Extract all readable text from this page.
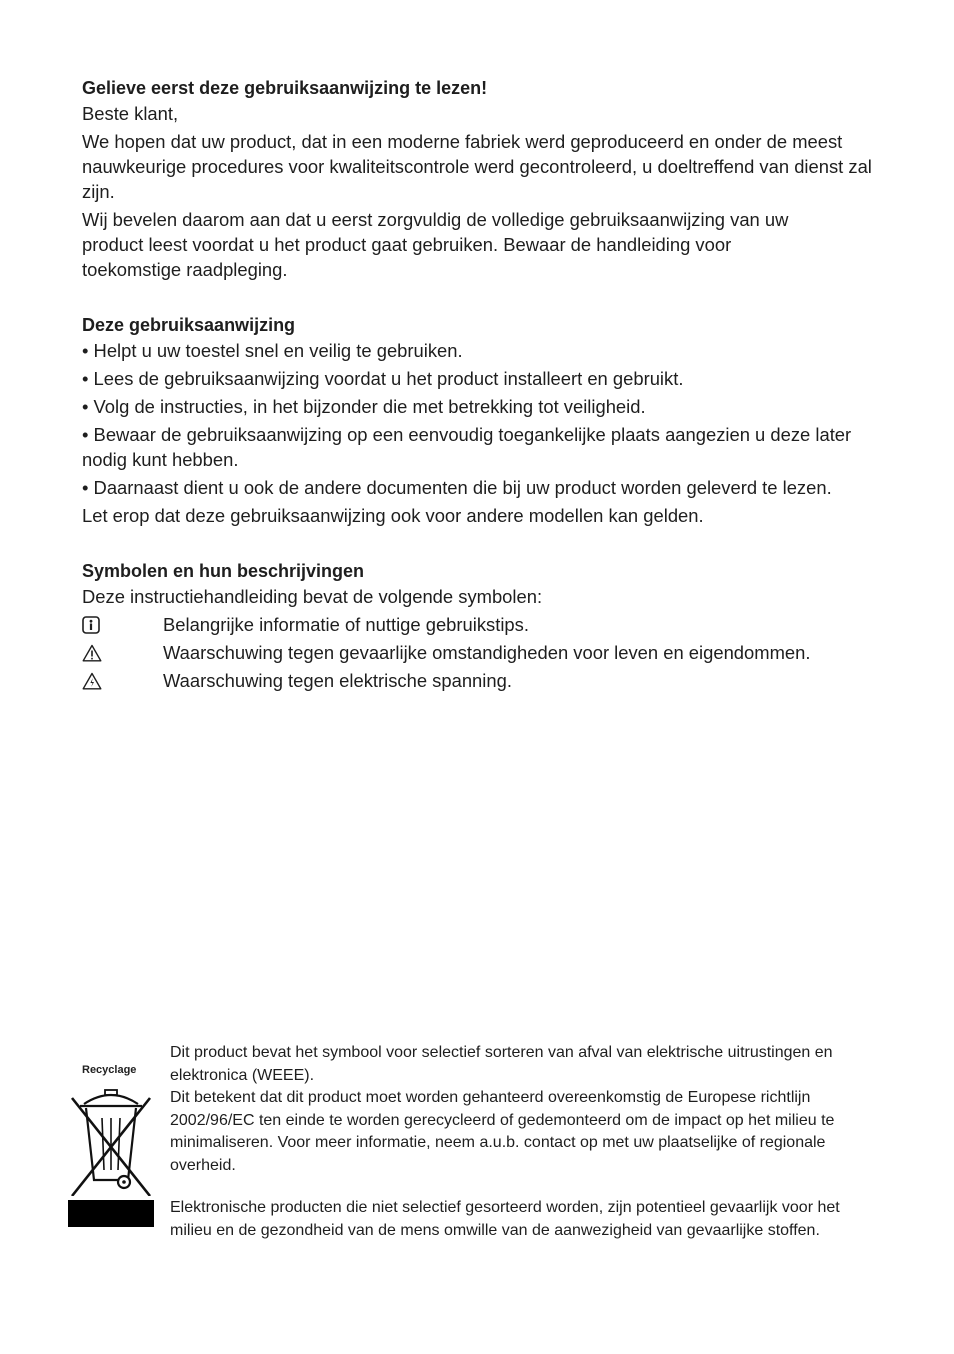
Gelieve eerst deze gebruiksaanwijzing te lezen!

Beste klant,

We hopen dat uw product, dat in een moderne fabriek werd geproduceerd en onder de meest nauwkeurige procedures voor kwaliteitscontrole werd gecontroleerd, u doeltreffend van dienst zal zijn.

Wij bevelen daarom aan dat u eerst zorgvuldig de volledige gebruiksaanwijzing van uw product leest voordat u het product gaat gebruiken. Bewaar de handleiding voor toekomstige raadpleging.

Deze gebruiksaanwijzing

• Helpt u uw toestel snel en veilig te gebruiken.

• Lees de gebruiksaanwijzing voordat u het product installeert en gebruikt.

• Volg de instructies, in het bijzonder die met betrekking tot veiligheid.

• Bewaar de gebruiksaanwijzing op een eenvoudig toegankelijke plaats aangezien u deze later nodig kunt hebben.

• Daarnaast dient u ook de andere documenten die bij uw product worden geleverd te lezen.

Let erop dat deze gebruiksaanwijzing ook voor andere modellen kan gelden.

Symbolen en hun beschrijvingen

Deze instructiehandleiding bevat de volgende symbolen:

Belangrijke informatie of nuttige gebruikstips.
Waarschuwing tegen gevaarlijke omstandigheden voor leven en eigendommen.
Waarschuwing tegen elektrische spanning.
Recyclage

Dit product bevat het symbool voor selectief sorteren van afval van elektrische uitrustingen en elektronica (WEEE).

Dit betekent dat dit product moet worden gehanteerd overeenkomstig de Europese richtlijn 2002/96/EC ten einde te worden gerecycleerd of gedemonteerd om de impact op het milieu te minimaliseren. Voor meer informatie, neem a.u.b. contact op met uw plaatselijke of regionale overheid.

Elektronische producten die niet selectief gesorteerd worden, zijn potentieel gevaarlijk voor het milieu en de gezondheid van de mens omwille van de aanwezigheid van gevaarlijke stoffen.
